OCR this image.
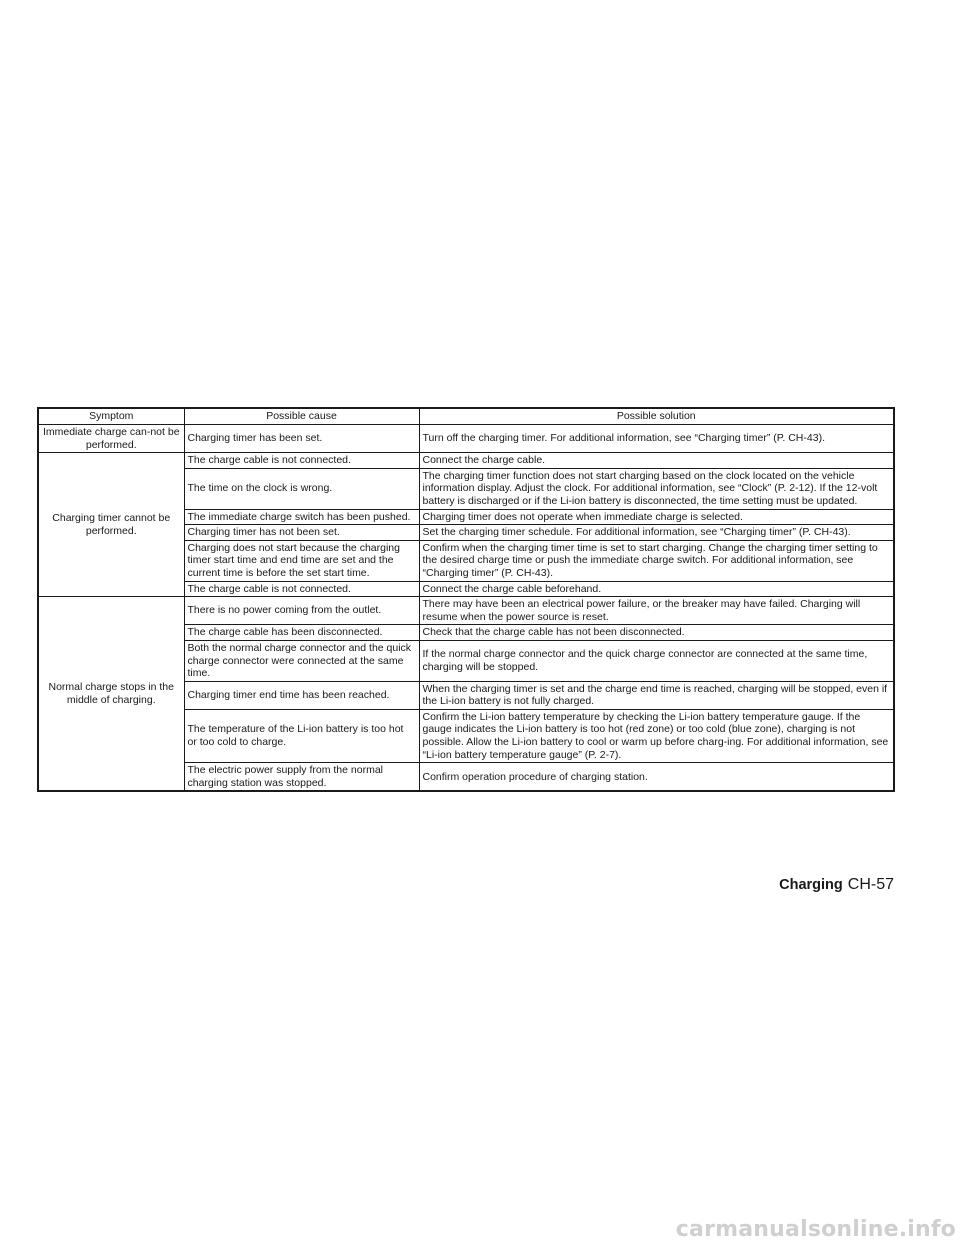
Symptom	Possible cause	Possible solution
Immediate charge can-not be performed.	Charging timer has been set.	Turn off the charging timer. For additional information, see “Charging timer” (P. CH-43).
Charging timer cannot be performed.	The charge cable is not connected.	Connect the charge cable.
	The time on the clock is wrong.	The charging timer function does not start charging based on the clock located on the vehicle information display. Adjust the clock. For additional information, see “Clock” (P. 2-12). If the 12-volt battery is discharged or if the Li-ion battery is disconnected, the time setting must be updated.
	The immediate charge switch has been pushed.	Charging timer does not operate when immediate charge is selected.
	Charging timer has not been set.	Set the charging timer schedule. For additional information, see “Charging timer” (P. CH-43).
	Charging does not start because the charging timer start time and end time are set and the current time is before the set start time.	Confirm when the charging timer time is set to start charging. Change the charging timer setting to the desired charge time or push the immediate charge switch. For additional information, see “Charging timer” (P. CH-43).
	The charge cable is not connected.	Connect the charge cable beforehand.
Normal charge stops in the middle of charging.	There is no power coming from the outlet.	There may have been an electrical power failure, or the breaker may have failed. Charging will resume when the power source is reset.
	The charge cable has been disconnected.	Check that the charge cable has not been disconnected.
	Both the normal charge connector and the quick charge connector were connected at the same time.	If the normal charge connector and the quick charge connector are connected at the same time, charging will be stopped.
	Charging timer end time has been reached.	When the charging timer is set and the charge end time is reached, charging will be stopped, even if the Li-ion battery is not fully charged.
	The temperature of the Li-ion battery is too hot or too cold to charge.	Confirm the Li-ion battery temperature by checking the Li-ion battery temperature gauge. If the gauge indicates the Li-ion battery is too hot (red zone) or too cold (blue zone), charging is not possible. Allow the Li-ion battery to cool or warm up before charg-ing. For additional information, see “Li-ion battery temperature gauge” (P. 2-7).
	The electric power supply from the normal charging station was stopped.	Confirm operation procedure of charging station.
Charging CH-57
carmanualsonline.info
